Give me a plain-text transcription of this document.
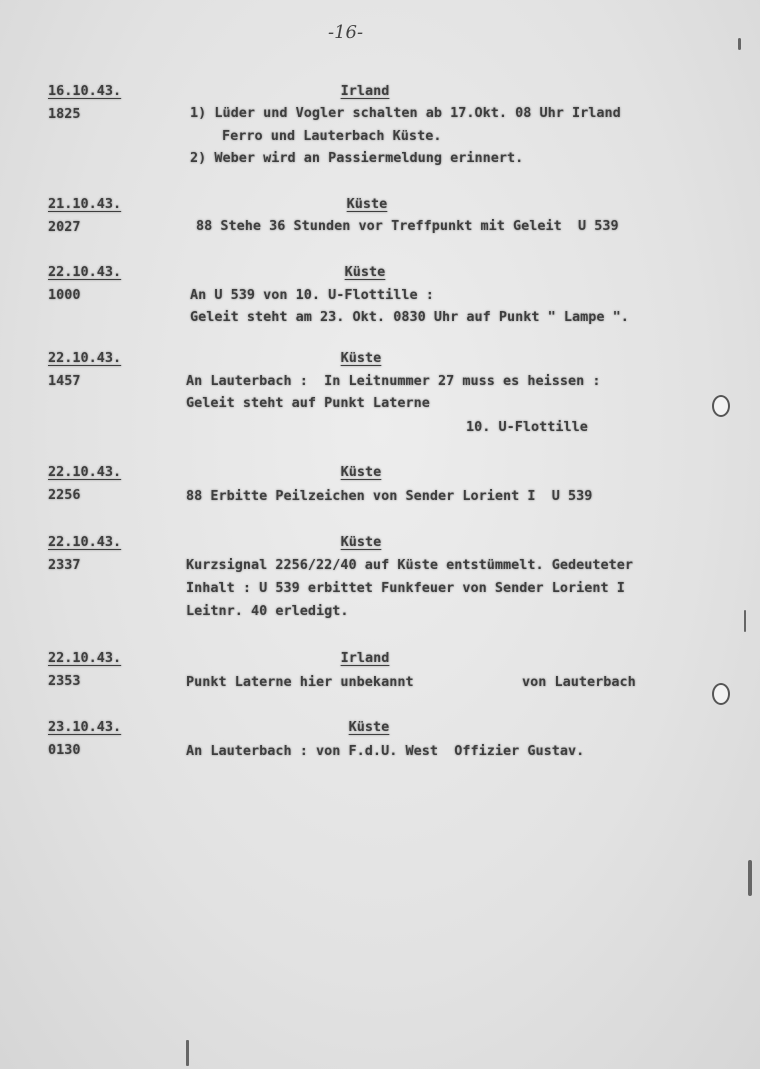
-16-
16.10.43.
1825
Irland
1) Lüder und Vogler schalten ab 17.Okt. 08 Uhr Irland
Ferro und Lauterbach Küste.
2) Weber wird an Passiermeldung erinnert.
21.10.43.
2027
Küste
88 Stehe 36 Stunden vor Treffpunkt mit Geleit  U 539
22.10.43.
1000
Küste
An U 539 von 10. U-Flottille :
Geleit steht am 23. Okt. 0830 Uhr auf Punkt " Lampe ".
22.10.43.
1457
Küste
An Lauterbach :  In Leitnummer 27 muss es heissen :
Geleit steht auf Punkt Laterne
10. U-Flottille
22.10.43.
2256
Küste
88 Erbitte Peilzeichen von Sender Lorient I  U 539
22.10.43.
2337
Küste
Kurzsignal 2256/22/40 auf Küste entstümmelt. Gedeuteter
Inhalt : U 539 erbittet Funkfeuer von Sender Lorient I
Leitnr. 40 erledigt.
22.10.43.
2353
Irland
Punkt Laterne hier unbekannt	von Lauterbach
23.10.43.
0130
Küste
An Lauterbach : von F.d.U. West  Offizier Gustav.
